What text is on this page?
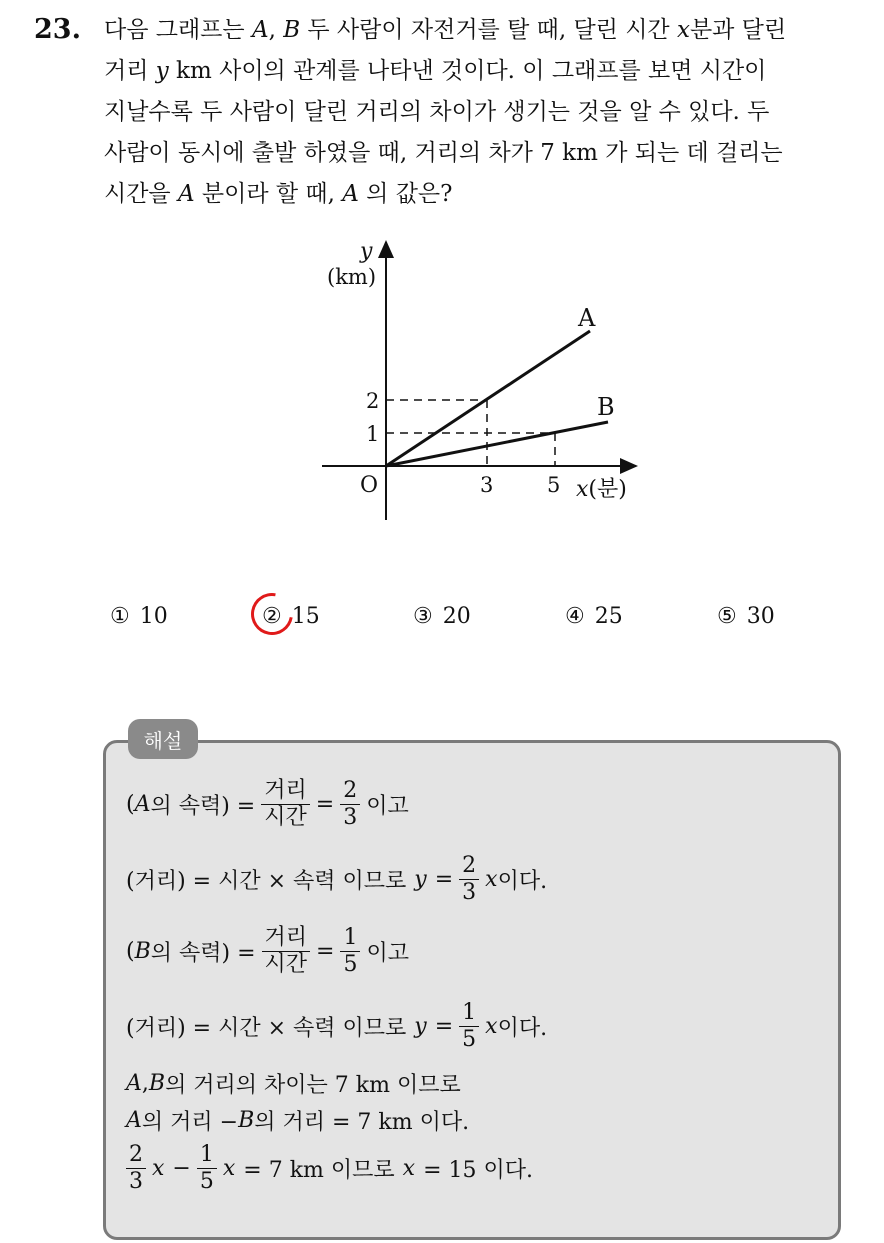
23. 다음 그래프는 A, B 두 사람이 자전거를 탈 때, 달린 시간 x분과 달린

거리 y km 사이의 관계를 나타낸 것이다. 이 그래프를 보면 시간이

지날수록 두 사람이 달린 거리의 차이가 생기는 것을 알 수 있다. 두

사람이 동시에 출발 하였을 때, 거리의 차가 7 km 가 되는 데 걸리는

시간을 A 분이라 할 때, A 의 값은?

y
(km)
A
B
2
1
O	3	5 x(분)
① 10	② 15	③ 20	④ 25	⑤ 30
해설
( A 의 속력) = $\frac{\text{거리}}{\text{시간}} = \frac{2}{3}$ 이고
(거리) = 시간 × 속력 이므로 $y = \frac{2}{3}$ x 이다.
( B 의 속력) = $\frac{\text{거리}}{\text{시간}} = \frac{1}{5}$ 이고
(거리) = 시간 × 속력 이므로 $y = \frac{1}{5}$ x 이다.
A , B 의 거리의 차이는 7 km 이므로
A 의 거리 − B 의 거리 = 7 km 이다.
$\frac{2}{3}$ $x - \frac{1}{5}$ x = 7 km 이므로 x = 15 이다.
